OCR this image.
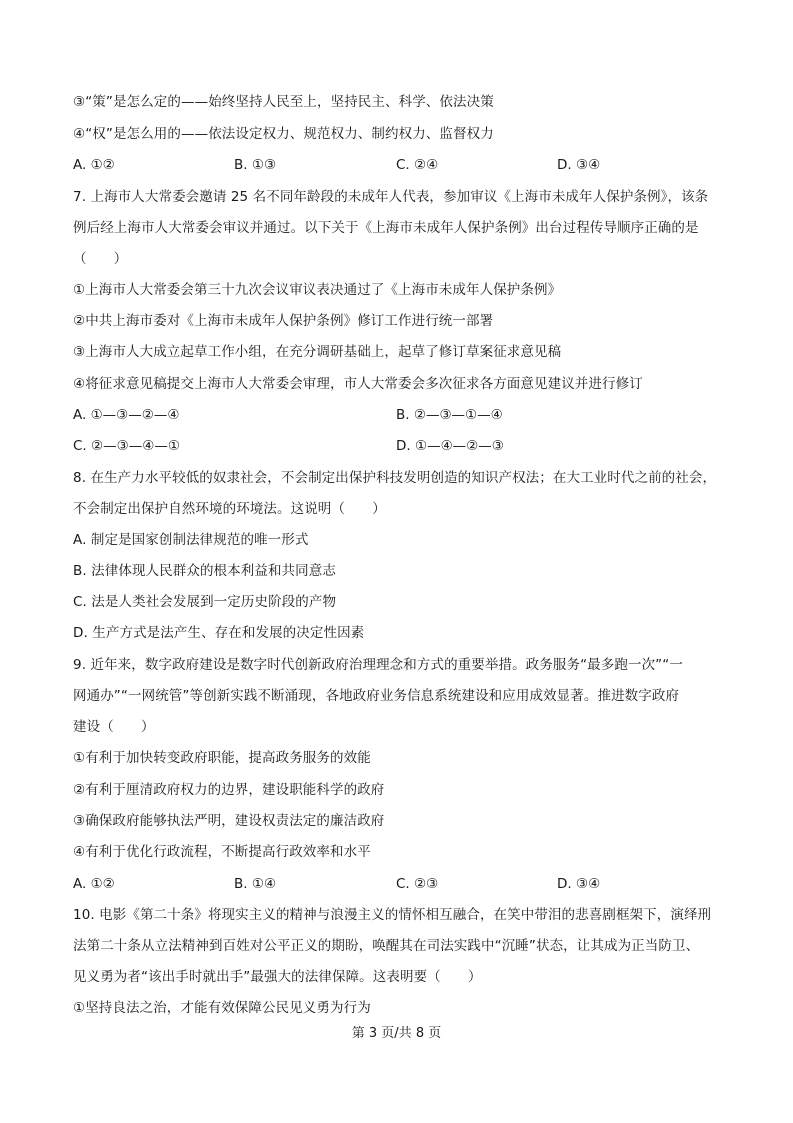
③“策”是怎么定的——始终坚持人民至上，坚持民主、科学、依法决策
④“权”是怎么用的——依法设定权力、规范权力、制约权力、监督权力
A. ①②	B. ①③	C. ②④	D. ③④
7. 上海市人大常委会邀请 25 名不同年龄段的未成年人代表，参加审议《上海市未成年人保护条例》，该条
例后经上海市人大常委会审议并通过。以下关于《上海市未成年人保护条例》出台过程传导顺序正确的是
（　　）
①上海市人大常委会第三十九次会议审议表决通过了《上海市未成年人保护条例》
②中共上海市委对《上海市未成年人保护条例》修订工作进行统一部署
③上海市人大成立起草工作小组，在充分调研基础上，起草了修订草案征求意见稿
④将征求意见稿提交上海市人大常委会审理，市人大常委会多次征求各方面意见建议并进行修订
A. ①—③—②—④	B. ②—③—①—④
C. ②—③—④—①	D. ①—④—②—③
8. 在生产力水平较低的奴隶社会，不会制定出保护科技发明创造的知识产权法；在大工业时代之前的社会，
不会制定出保护自然环境的环境法。这说明（　　）
A. 制定是国家创制法律规范的唯一形式
B. 法律体现人民群众的根本利益和共同意志
C. 法是人类社会发展到一定历史阶段的产物
D. 生产方式是法产生、存在和发展的决定性因素
9. 近年来，数字政府建设是数字时代创新政府治理理念和方式的重要举措。政务服务“最多跑一次”“一
网通办”“一网统管”等创新实践不断涌现，各地政府业务信息系统建设和应用成效显著。推进数字政府
建设（　　）
①有利于加快转变政府职能，提高政务服务的效能
②有利于厘清政府权力的边界，建设职能科学的政府
③确保政府能够执法严明，建设权责法定的廉洁政府
④有利于优化行政流程，不断提高行政效率和水平
A. ①②	B. ①④	C. ②③	D. ③④
10. 电影《第二十条》将现实主义的精神与浪漫主义的情怀相互融合，在笑中带泪的悲喜剧框架下，演绎刑
法第二十条从立法精神到百姓对公平正义的期盼，唤醒其在司法实践中“沉睡”状态，让其成为正当防卫、
见义勇为者“该出手时就出手”最强大的法律保障。这表明要（　　）
①坚持良法之治，才能有效保障公民见义勇为行为
第 3 页/共 8 页
